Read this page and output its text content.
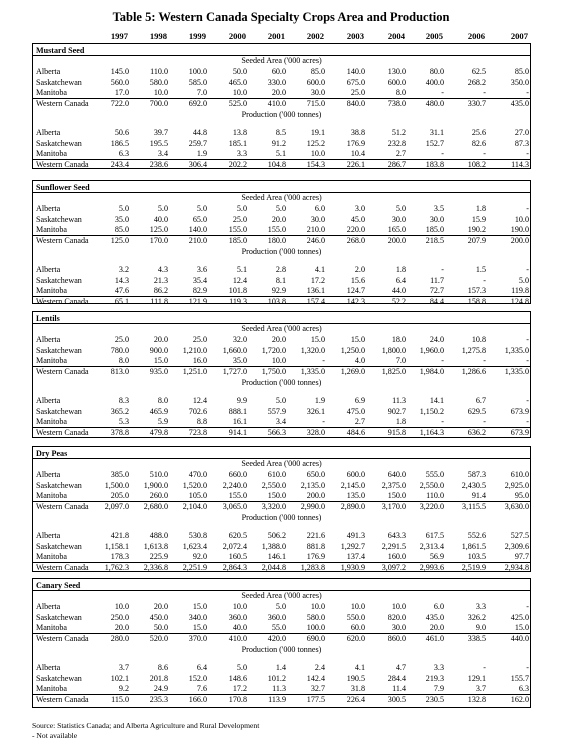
Table 5: Western Canada Specialty Crops Area and Production
1997	1998	1999	2000	2001	2002	2003	2004	2005	2006	2007
Mustard Seed
Seeded Area ('000 acres)
Alberta	145.0	110.0	100.0	50.0	60.0	85.0	140.0	130.0	80.0	62.5	85.0
Saskatchewan	560.0	580.0	585.0	465.0	330.0	600.0	675.0	600.0	400.0	268.2	350.0
Manitoba	17.0	10.0	7.0	10.0	20.0	30.0	25.0	8.0	-	-	-
Western Canada	722.0	700.0	692.0	525.0	410.0	715.0	840.0	738.0	480.0	330.7	435.0
Production ('000 tonnes)
Alberta	50.6	39.7	44.8	13.8	8.5	19.1	38.8	51.2	31.1	25.6	27.0
Saskatchewan	186.5	195.5	259.7	185.1	91.2	125.2	176.9	232.8	152.7	82.6	87.3
Manitoba	6.3	3.4	1.9	3.3	5.1	10.0	10.4	2.7	-	-	-
Western Canada	243.4	238.6	306.4	202.2	104.8	154.3	226.1	286.7	183.8	108.2	114.3
Sunflower Seed
Seeded Area ('000 acres)
Alberta	5.0	5.0	5.0	5.0	5.0	6.0	3.0	5.0	3.5	1.8	-
Saskatchewan	35.0	40.0	65.0	25.0	20.0	30.0	45.0	30.0	30.0	15.9	10.0
Manitoba	85.0	125.0	140.0	155.0	155.0	210.0	220.0	165.0	185.0	190.2	190.0
Western Canada	125.0	170.0	210.0	185.0	180.0	246.0	268.0	200.0	218.5	207.9	200.0
Production ('000 tonnes)
Alberta	3.2	4.3	3.6	5.1	2.8	4.1	2.0	1.8	-	1.5	-
Saskatchewan	14.3	21.3	35.4	12.4	8.1	17.2	15.6	6.4	11.7	-	5.0
Manitoba	47.6	86.2	82.9	101.8	92.9	136.1	124.7	44.0	72.7	157.3	119.8
Western Canada	65.1	111.8	121.9	119.3	103.8	157.4	142.3	52.2	84.4	158.8	124.8
Lentils
Seeded Area ('000 acres)
Alberta	25.0	20.0	25.0	32.0	20.0	15.0	15.0	18.0	24.0	10.8	-
Saskatchewan	780.0	900.0	1,210.0	1,660.0	1,720.0	1,320.0	1,250.0	1,800.0	1,960.0	1,275.8	1,335.0
Manitoba	8.0	15.0	16.0	35.0	10.0	-	4.0	7.0	-	-	-
Western Canada	813.0	935.0	1,251.0	1,727.0	1,750.0	1,335.0	1,269.0	1,825.0	1,984.0	1,286.6	1,335.0
Production ('000 tonnes)
Alberta	8.3	8.0	12.4	9.9	5.0	1.9	6.9	11.3	14.1	6.7	-
Saskatchewan	365.2	465.9	702.6	888.1	557.9	326.1	475.0	902.7	1,150.2	629.5	673.9
Manitoba	5.3	5.9	8.8	16.1	3.4	-	2.7	1.8	-	-	-
Western Canada	378.8	479.8	723.8	914.1	566.3	328.0	484.6	915.8	1,164.3	636.2	673.9
Dry Peas
Seeded Area ('000 acres)
Alberta	385.0	510.0	470.0	660.0	610.0	650.0	600.0	640.0	555.0	587.3	610.0
Saskatchewan	1,500.0	1,900.0	1,520.0	2,240.0	2,550.0	2,135.0	2,145.0	2,375.0	2,550.0	2,430.5	2,925.0
Manitoba	205.0	260.0	105.0	155.0	150.0	200.0	135.0	150.0	110.0	91.4	95.0
Western Canada	2,097.0	2,680.0	2,104.0	3,065.0	3,320.0	2,990.0	2,890.0	3,170.0	3,220.0	3,115.5	3,630.0
Production ('000 tonnes)
Alberta	421.8	488.0	530.8	620.5	506.2	221.6	491.3	643.3	617.5	552.6	527.5
Saskatchewan	1,158.1	1,613.8	1,623.4	2,072.4	1,388.0	881.8	1,292.7	2,291.5	2,313.4	1,861.5	2,309.6
Manitoba	178.3	225.9	92.0	160.5	146.1	176.9	137.4	160.0	56.9	103.5	97.7
Western Canada	1,762.3	2,336.8	2,251.9	2,864.3	2,044.8	1,283.8	1,930.9	3,097.2	2,993.6	2,519.9	2,934.8
Canary Seed
Seeded Area ('000 acres)
Alberta	10.0	20.0	15.0	10.0	5.0	10.0	10.0	10.0	6.0	3.3	-
Saskatchewan	250.0	450.0	340.0	360.0	360.0	580.0	550.0	820.0	435.0	326.2	425.0
Manitoba	20.0	50.0	15.0	40.0	55.0	100.0	60.0	30.0	20.0	9.0	15.0
Western Canada	280.0	520.0	370.0	410.0	420.0	690.0	620.0	860.0	461.0	338.5	440.0
Production ('000 tonnes)
Alberta	3.7	8.6	6.4	5.0	1.4	2.4	4.1	4.7	3.3	-	-
Saskatchewan	102.1	201.8	152.0	148.6	101.2	142.4	190.5	284.4	219.3	129.1	155.7
Manitoba	9.2	24.9	7.6	17.2	11.3	32.7	31.8	11.4	7.9	3.7	6.3
Western Canada	115.0	235.3	166.0	170.8	113.9	177.5	226.4	300.5	230.5	132.8	162.0
Source: Statistics Canada; and Alberta Agriculture and Rural Development
- Not available
